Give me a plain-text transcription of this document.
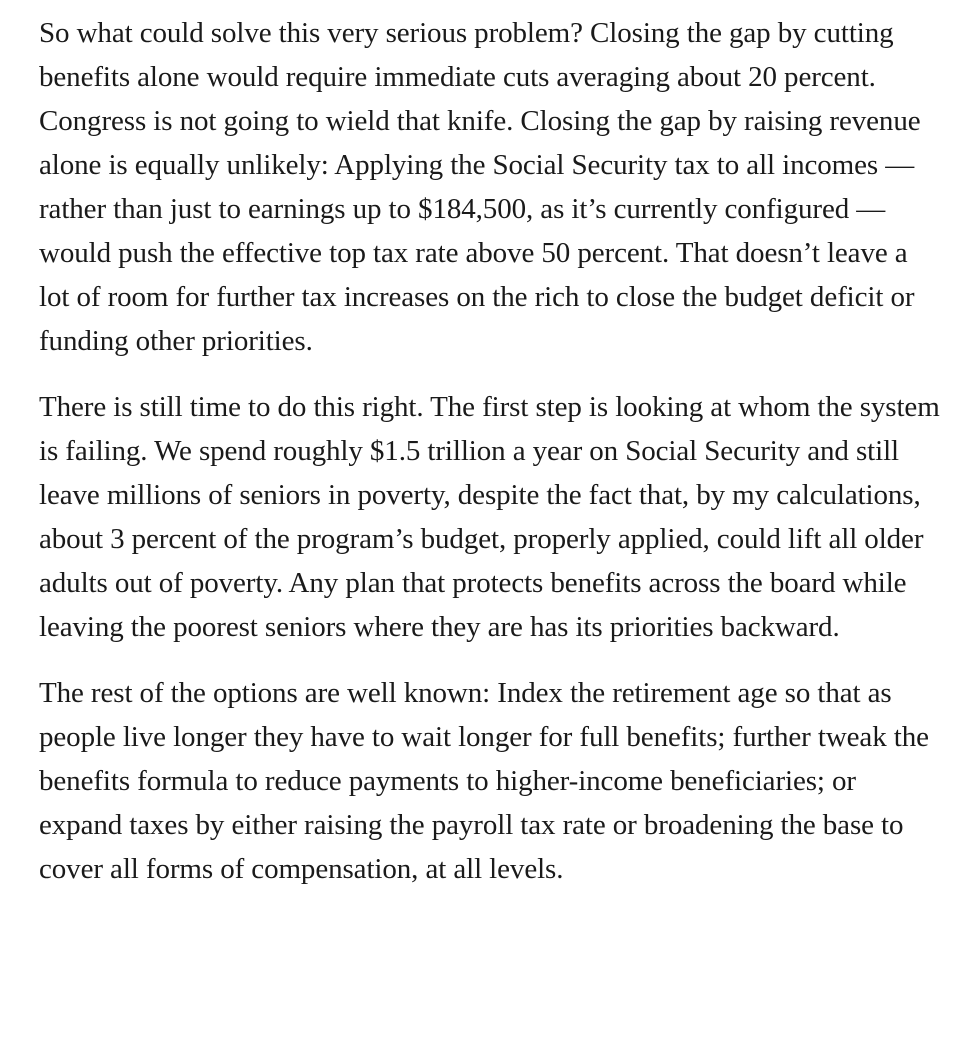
So what could solve this very serious problem? Closing the gap by cutting benefits alone would require immediate cuts averaging about 20 percent. Congress is not going to wield that knife. Closing the gap by raising revenue alone is equally unlikely: Applying the Social Security tax to all incomes — rather than just to earnings up to $184,500, as it’s currently configured — would push the effective top tax rate above 50 percent. That doesn’t leave a lot of room for further tax increases on the rich to close the budget deficit or funding other priorities.

There is still time to do this right. The first step is looking at whom the system is failing. We spend roughly $1.5 trillion a year on Social Security and still leave millions of seniors in poverty, despite the fact that, by my calculations, about 3 percent of the program’s budget, properly applied, could lift all older adults out of poverty. Any plan that protects benefits across the board while leaving the poorest seniors where they are has its priorities backward.

The rest of the options are well known: Index the retirement age so that as people live longer they have to wait longer for full benefits; further tweak the benefits formula to reduce payments to higher-income beneficiaries; or expand taxes by either raising the payroll tax rate or broadening the base to cover all forms of compensation, at all levels.
